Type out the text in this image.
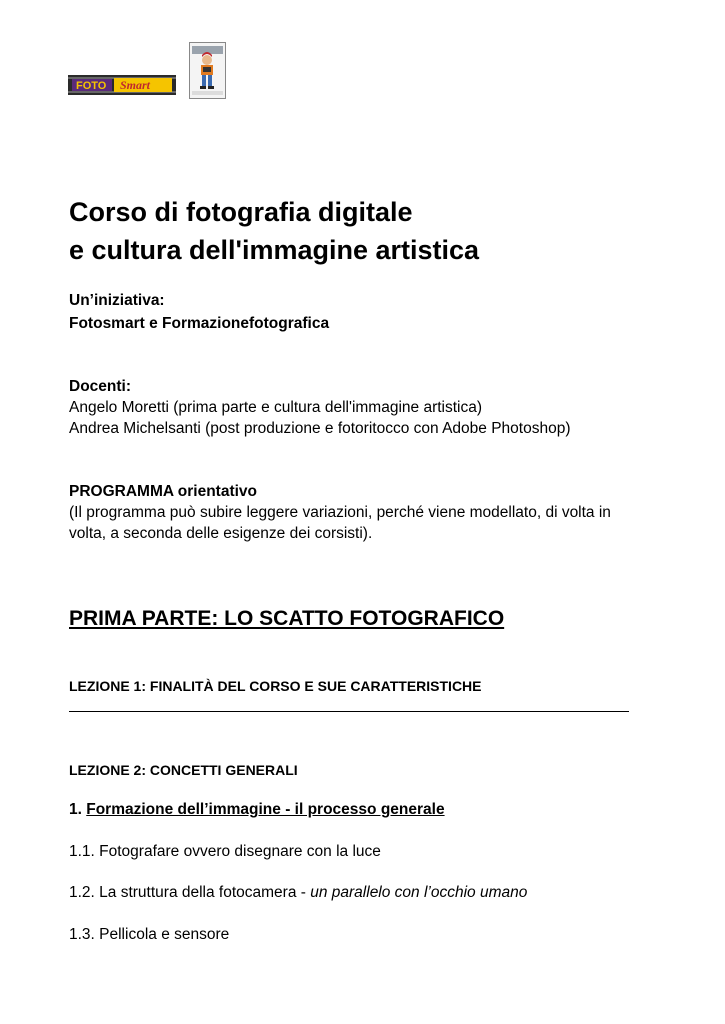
FOTO Smart
Corso di fotografia digitale
e cultura dell'immagine artistica
Un’iniziativa:
Fotosmart e Formazionefotografica
Docenti:
Angelo Moretti (prima parte e cultura dell'immagine artistica)
Andrea Michelsanti (post produzione e fotoritocco con Adobe Photoshop)
PROGRAMMA orientativo
(Il programma può subire leggere variazioni, perché viene modellato, di volta in
volta, a seconda delle esigenze dei corsisti).
PRIMA PARTE: LO SCATTO FOTOGRAFICO
LEZIONE 1: FINALITÀ DEL CORSO E SUE CARATTERISTICHE
LEZIONE 2: CONCETTI GENERALI
1. Formazione dell’immagine - il processo generale
1.1. Fotografare ovvero disegnare con la luce
1.2. La struttura della fotocamera - un parallelo con l’occhio umano
1.3. Pellicola e sensore
